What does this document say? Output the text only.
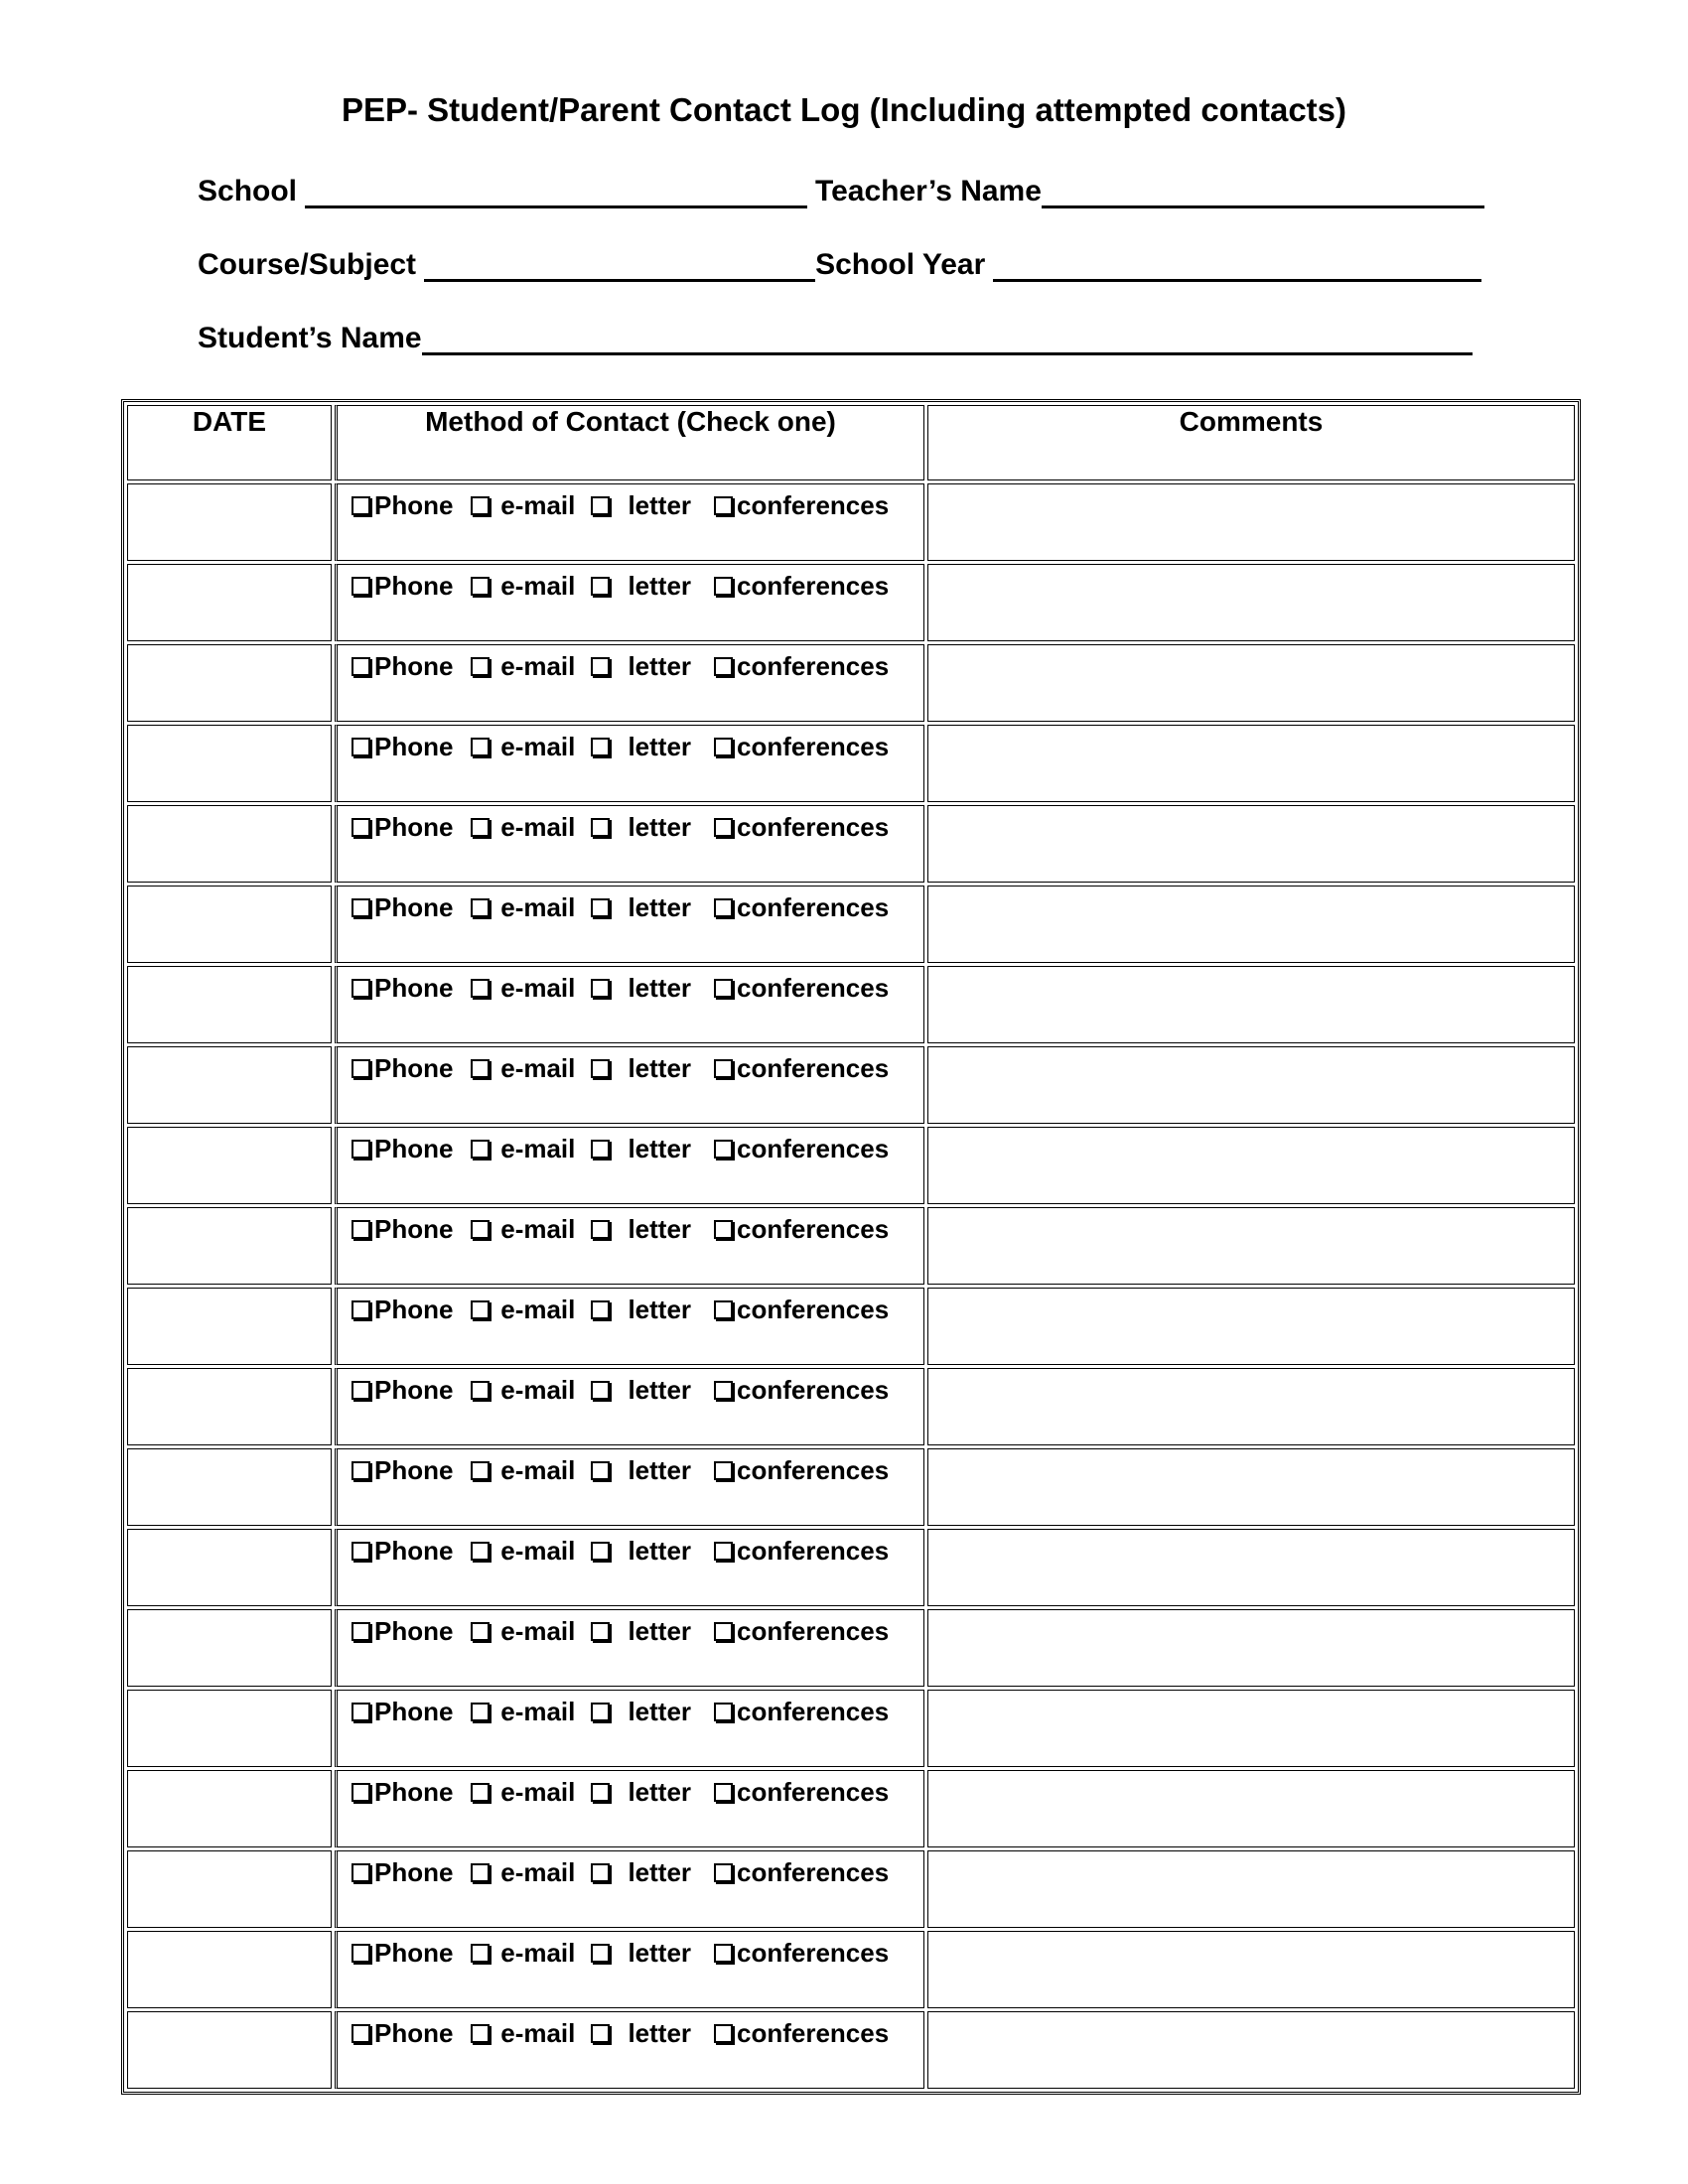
PEP- Student/Parent Contact Log (Including attempted contacts)
School	Teacher’s Name
Course/Subject	School Year
Student’s Name
DATE	Method of Contact (Check one)	Comments
	Phone e-mail letter conferences	
	Phone e-mail letter conferences	
	Phone e-mail letter conferences	
	Phone e-mail letter conferences	
	Phone e-mail letter conferences	
	Phone e-mail letter conferences	
	Phone e-mail letter conferences	
	Phone e-mail letter conferences	
	Phone e-mail letter conferences	
	Phone e-mail letter conferences	
	Phone e-mail letter conferences	
	Phone e-mail letter conferences	
	Phone e-mail letter conferences	
	Phone e-mail letter conferences	
	Phone e-mail letter conferences	
	Phone e-mail letter conferences	
	Phone e-mail letter conferences	
	Phone e-mail letter conferences	
	Phone e-mail letter conferences	
	Phone e-mail letter conferences	
